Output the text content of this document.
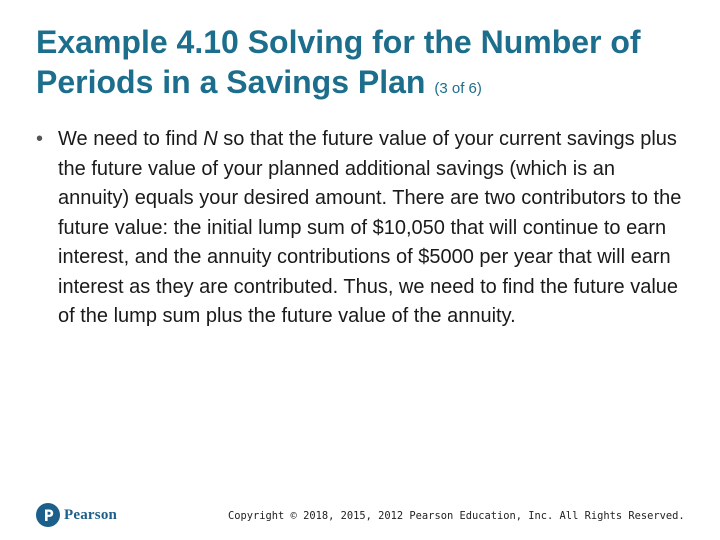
Example 4.10 Solving for the Number of Periods in a Savings Plan (3 of 6)
• We need to find N so that the future value of your current savings plus the future value of your planned additional savings (which is an annuity) equals your desired amount. There are two contributors to the future value: the initial lump sum of $10,050 that will continue to earn interest, and the annuity contributions of $5000 per year that will earn interest as they are contributed. Thus, we need to find the future value of the lump sum plus the future value of the annuity.
Pearson	Copyright © 2018, 2015, 2012 Pearson Education, Inc. All Rights Reserved.
